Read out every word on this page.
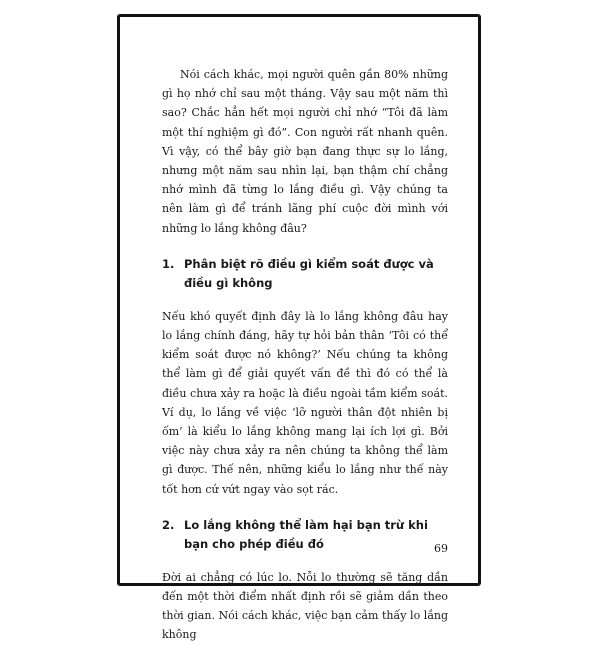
Nói cách khác, mọi người quên gần 80% những gì họ nhớ chỉ sau một tháng. Vậy sau một năm thì sao? Chắc hẳn hết mọi người chỉ nhớ “Tôi đã làm một thí nghiệm gì đó”. Con người rất nhanh quên. Vì vậy, có thể bây giờ bạn đang thực sự lo lắng, nhưng một năm sau nhìn lại, bạn thậm chí chẳng nhớ mình đã từng lo lắng điều gì. Vậy chúng ta nên làm gì để tránh lãng phí cuộc đời mình với những lo lắng không đâu?

1. Phân biệt rõ điều gì kiểm soát được và điều gì không

Nếu khó quyết định đây là lo lắng không đâu hay lo lắng chính đáng, hãy tự hỏi bản thân ‘Tôi có thể kiểm soát được nó không?’ Nếu chúng ta không thể làm gì để giải quyết vấn đề thì đó có thể là điều chưa xảy ra hoặc là điều ngoài tầm kiểm soát. Ví dụ, lo lắng về việc ‘lỡ người thân đột nhiên bị ốm’ là kiểu lo lắng không mang lại ích lợi gì. Bởi việc này chưa xảy ra nên chúng ta không thể làm gì được. Thế nên, những kiểu lo lắng như thế này tốt hơn cứ vứt ngay vào sọt rác.

2. Lo lắng không thể làm hại bạn trừ khi bạn cho phép điều đó

Đời ai chẳng có lúc lo. Nỗi lo thường sẽ tăng dần đến một thời điểm nhất định rồi sẽ giảm dần theo thời gian. Nói cách khác, việc bạn cảm thấy lo lắng không

69
